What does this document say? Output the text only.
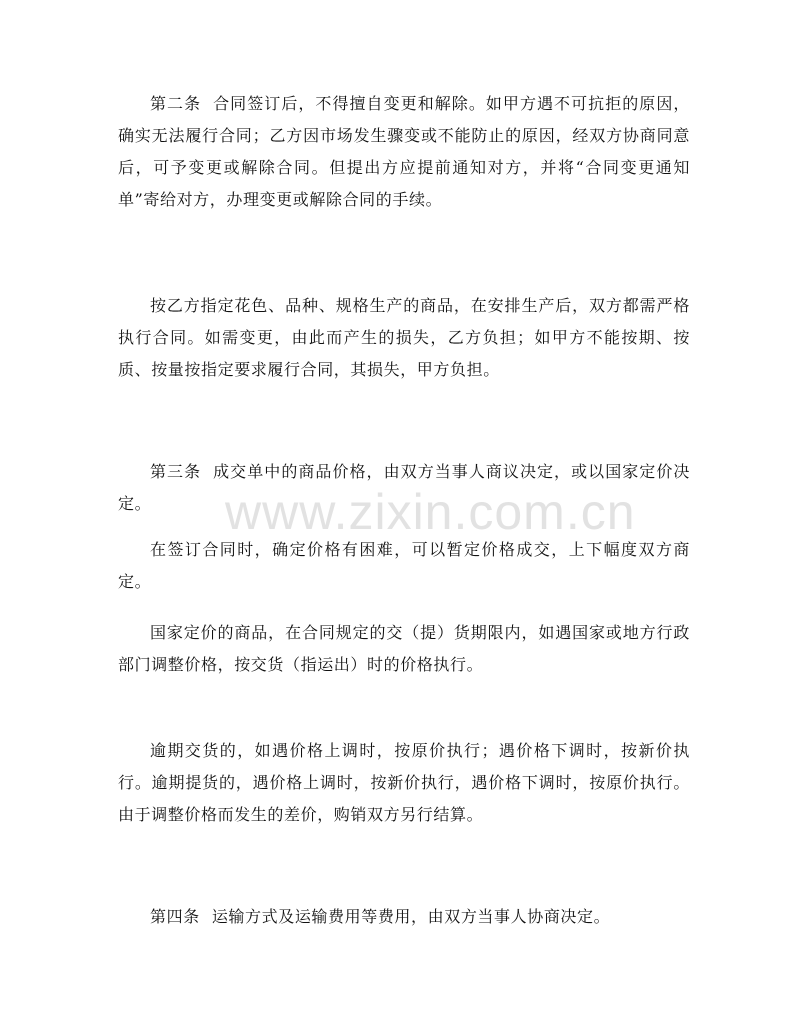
第二条 合同签订后，不得擅自变更和解除。如甲方遇不可抗拒的原因，确实无法履行合同；乙方因市场发生骤变或不能防止的原因，经双方协商同意后，可予变更或解除合同。但提出方应提前通知对方，并将“合同变更通知单”寄给对方，办理变更或解除合同的手续。

按乙方指定花色、品种、规格生产的商品，在安排生产后，双方都需严格执行合同。如需变更，由此而产生的损失，乙方负担；如甲方不能按期、按质、按量按指定要求履行合同，其损失，甲方负担。

第三条 成交单中的商品价格，由双方当事人商议决定，或以国家定价决定。

在签订合同时，确定价格有困难，可以暂定价格成交，上下幅度双方商定。

国家定价的商品，在合同规定的交（提）货期限内，如遇国家或地方行政部门调整价格，按交货（指运出）时的价格执行。

逾期交货的，如遇价格上调时，按原价执行；遇价格下调时，按新价执行。逾期提货的，遇价格上调时，按新价执行，遇价格下调时，按原价执行。由于调整价格而发生的差价，购销双方另行结算。

第四条 运输方式及运输费用等费用，由双方当事人协商决定。

www.zixin.com.cn
